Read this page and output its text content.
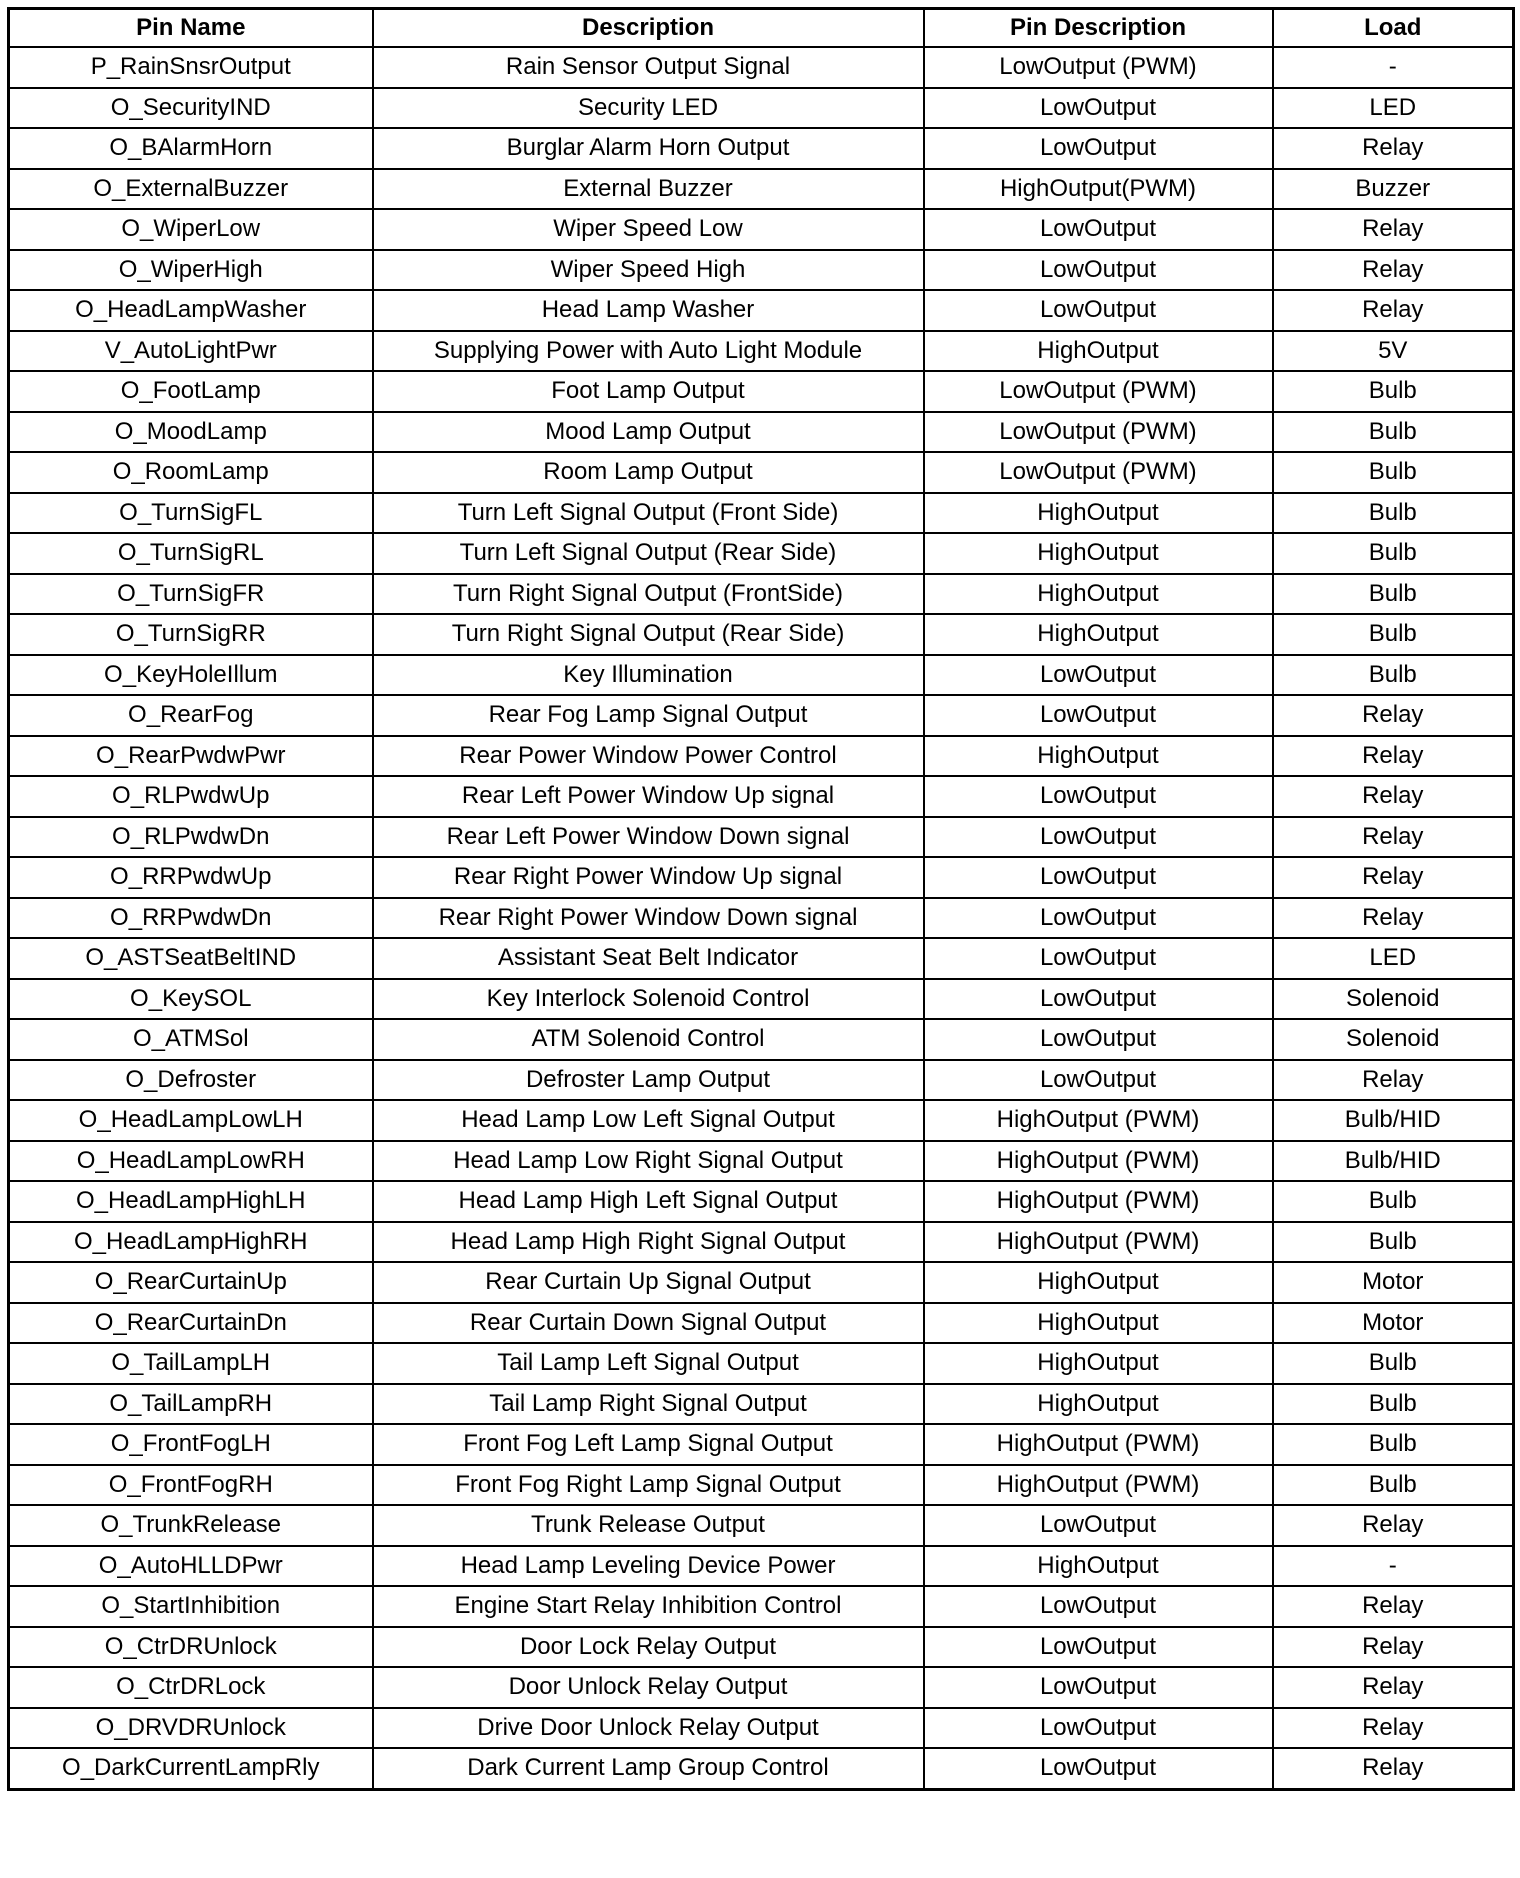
Pin Name	Description	Pin Description	Load
P_RainSnsrOutput	Rain Sensor Output Signal	LowOutput (PWM)	-
O_SecurityIND	Security LED	LowOutput	LED
O_BAlarmHorn	Burglar Alarm Horn Output	LowOutput	Relay
O_ExternalBuzzer	External Buzzer	HighOutput(PWM)	Buzzer
O_WiperLow	Wiper Speed Low	LowOutput	Relay
O_WiperHigh	Wiper Speed High	LowOutput	Relay
O_HeadLampWasher	Head Lamp Washer	LowOutput	Relay
V_AutoLightPwr	Supplying Power with Auto Light Module	HighOutput	5V
O_FootLamp	Foot Lamp Output	LowOutput (PWM)	Bulb
O_MoodLamp	Mood Lamp Output	LowOutput (PWM)	Bulb
O_RoomLamp	Room Lamp Output	LowOutput (PWM)	Bulb
O_TurnSigFL	Turn Left Signal Output (Front Side)	HighOutput	Bulb
O_TurnSigRL	Turn Left Signal Output (Rear Side)	HighOutput	Bulb
O_TurnSigFR	Turn Right Signal Output (FrontSide)	HighOutput	Bulb
O_TurnSigRR	Turn Right Signal Output (Rear Side)	HighOutput	Bulb
O_KeyHoleIllum	Key Illumination	LowOutput	Bulb
O_RearFog	Rear Fog Lamp Signal Output	LowOutput	Relay
O_RearPwdwPwr	Rear Power Window Power Control	HighOutput	Relay
O_RLPwdwUp	Rear Left Power Window Up signal	LowOutput	Relay
O_RLPwdwDn	Rear Left Power Window Down signal	LowOutput	Relay
O_RRPwdwUp	Rear Right Power Window Up signal	LowOutput	Relay
O_RRPwdwDn	Rear Right Power Window Down signal	LowOutput	Relay
O_ASTSeatBeltIND	Assistant Seat Belt Indicator	LowOutput	LED
O_KeySOL	Key Interlock Solenoid Control	LowOutput	Solenoid
O_ATMSol	ATM Solenoid Control	LowOutput	Solenoid
O_Defroster	Defroster Lamp Output	LowOutput	Relay
O_HeadLampLowLH	Head Lamp Low Left Signal Output	HighOutput (PWM)	Bulb/HID
O_HeadLampLowRH	Head Lamp Low Right Signal Output	HighOutput (PWM)	Bulb/HID
O_HeadLampHighLH	Head Lamp High Left Signal Output	HighOutput (PWM)	Bulb
O_HeadLampHighRH	Head Lamp High Right Signal Output	HighOutput (PWM)	Bulb
O_RearCurtainUp	Rear Curtain Up Signal Output	HighOutput	Motor
O_RearCurtainDn	Rear Curtain Down Signal Output	HighOutput	Motor
O_TailLampLH	Tail Lamp Left Signal Output	HighOutput	Bulb
O_TailLampRH	Tail Lamp Right Signal Output	HighOutput	Bulb
O_FrontFogLH	Front Fog Left Lamp Signal Output	HighOutput (PWM)	Bulb
O_FrontFogRH	Front Fog Right Lamp Signal Output	HighOutput (PWM)	Bulb
O_TrunkRelease	Trunk Release Output	LowOutput	Relay
O_AutoHLLDPwr	Head Lamp Leveling Device Power	HighOutput	-
O_StartInhibition	Engine Start Relay Inhibition Control	LowOutput	Relay
O_CtrDRUnlock	Door Lock Relay Output	LowOutput	Relay
O_CtrDRLock	Door Unlock Relay Output	LowOutput	Relay
O_DRVDRUnlock	Drive Door Unlock Relay Output	LowOutput	Relay
O_DarkCurrentLampRly	Dark Current Lamp Group Control	LowOutput	Relay
